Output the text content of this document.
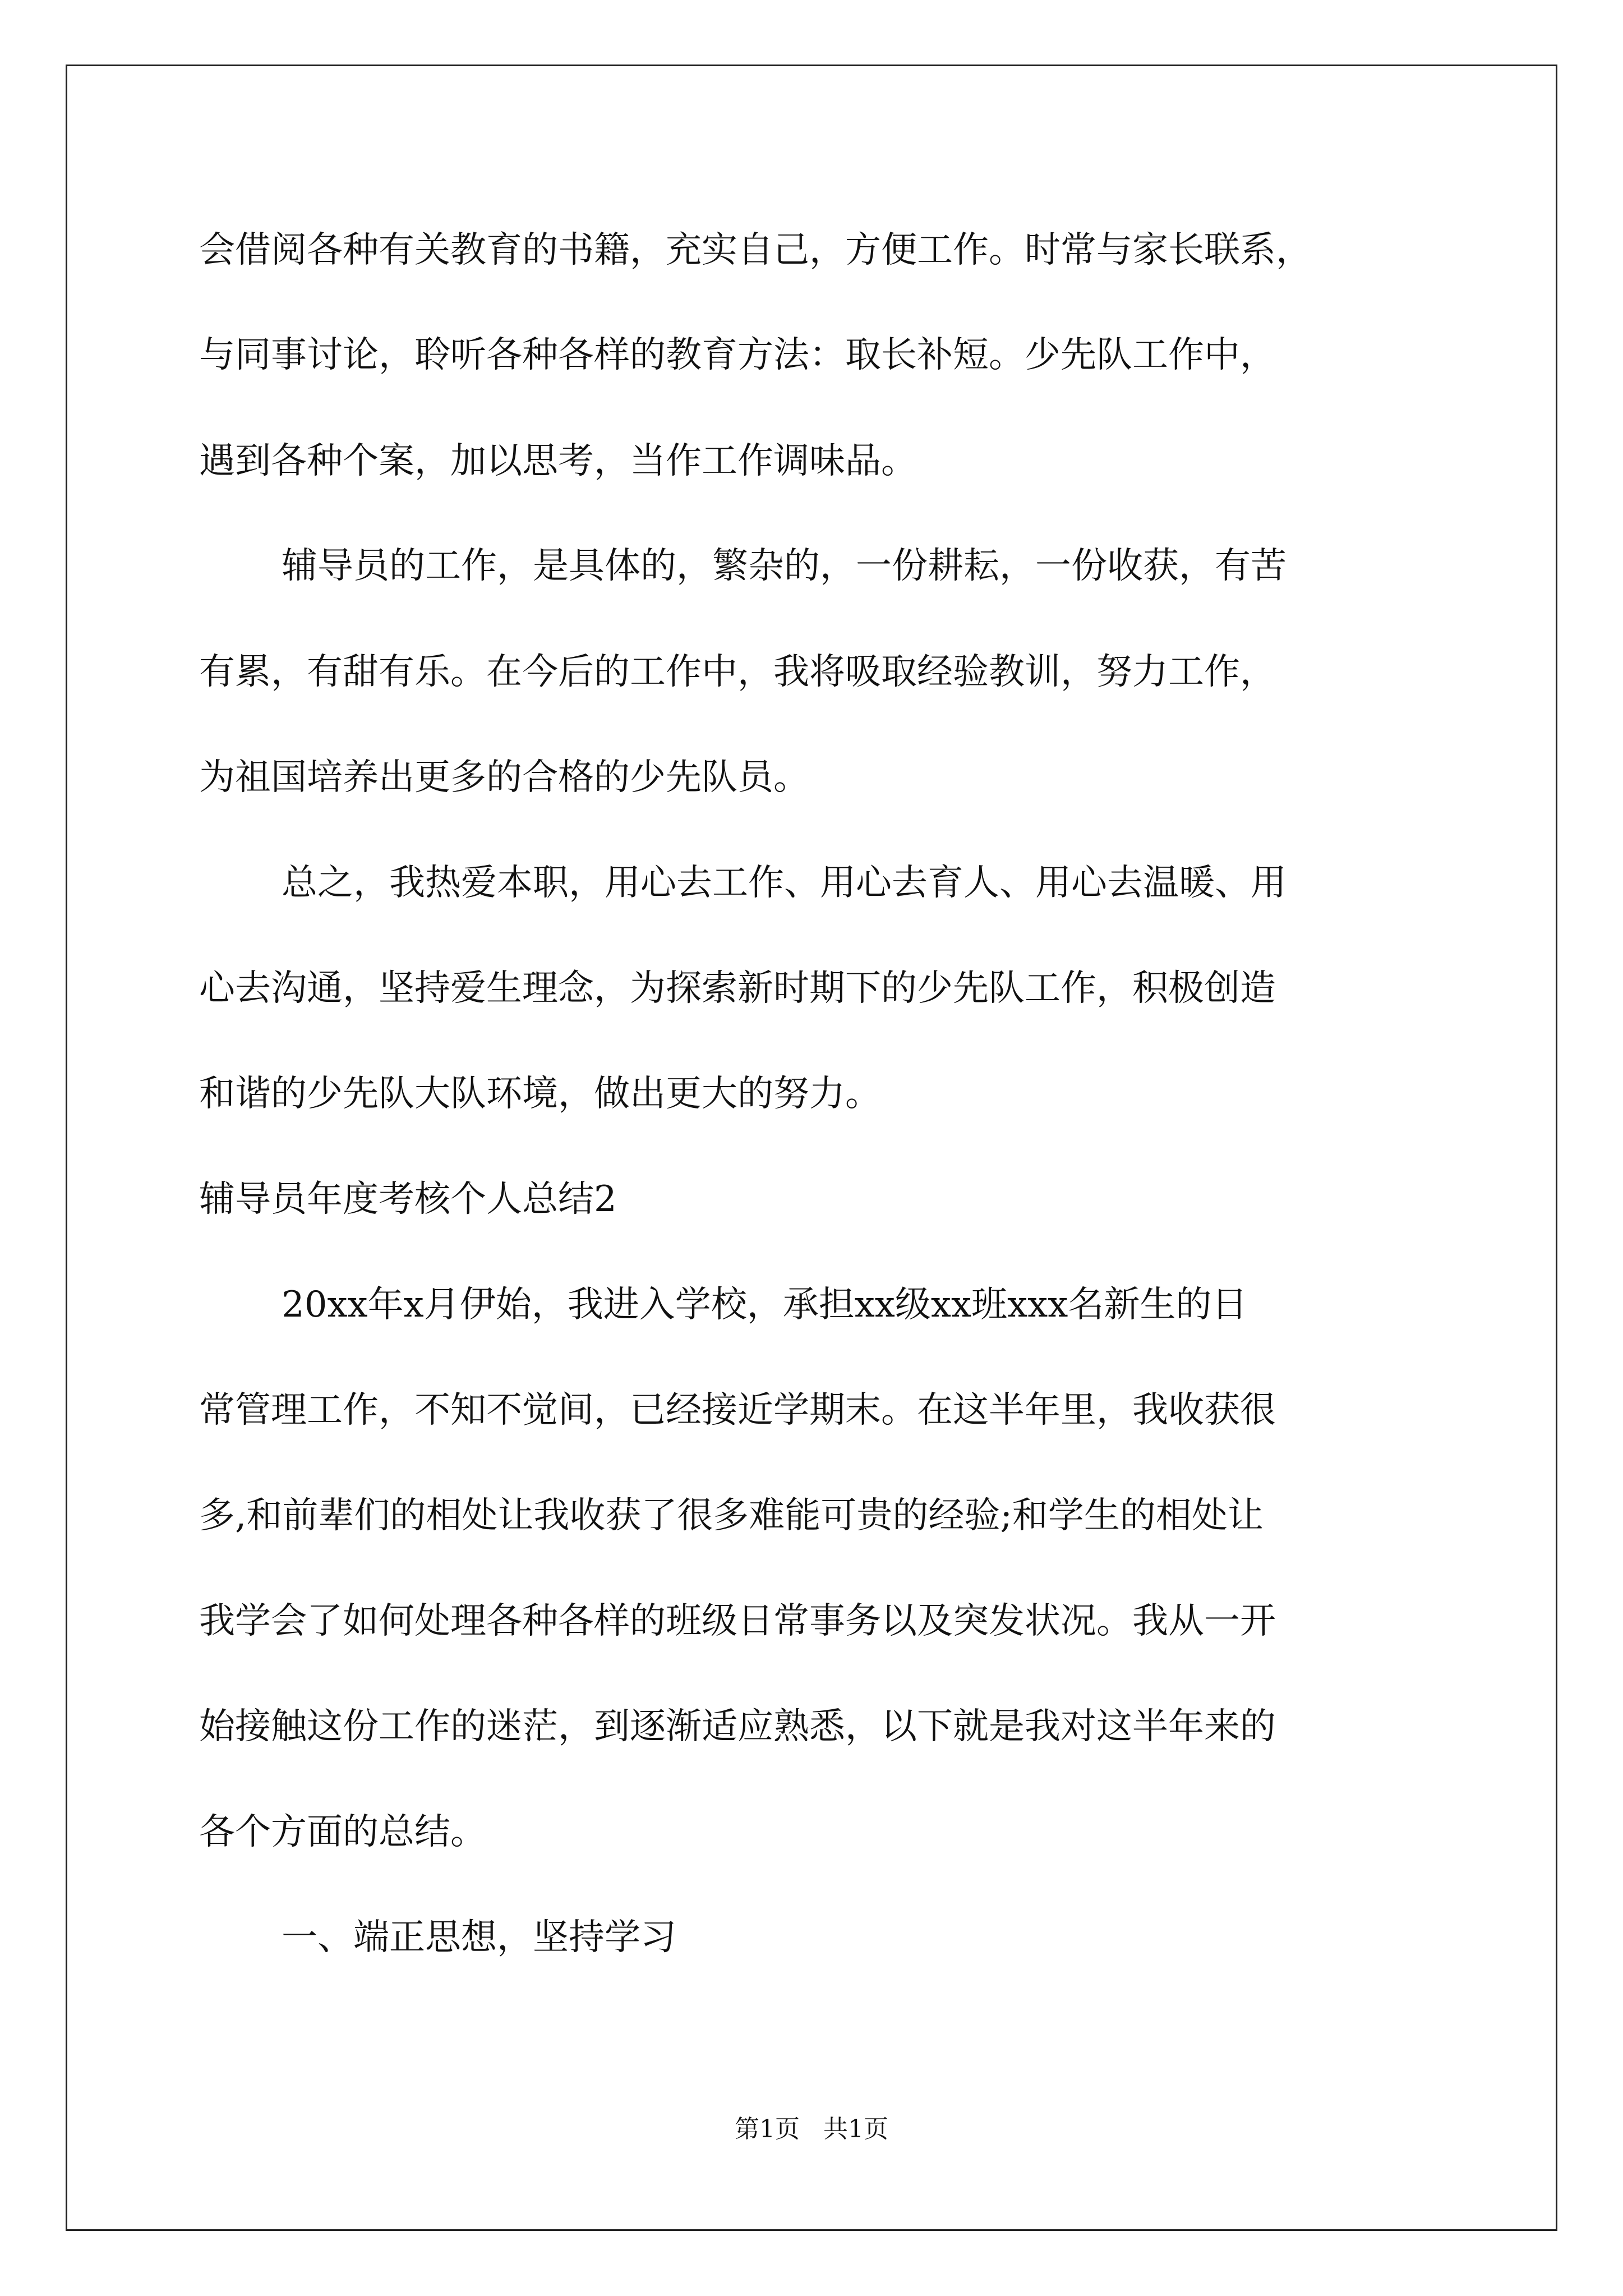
会借阅各种有关教育的书籍，充实自己，方便工作。时常与家长联系，
与同事讨论，聆听各种各样的教育方法：取长补短。少先队工作中，
遇到各种个案，加以思考，当作工作调味品。
辅导员的工作，是具体的，繁杂的，一份耕耘，一份收获，有苦
有累，有甜有乐。在今后的工作中，我将吸取经验教训，努力工作，
为祖国培养出更多的合格的少先队员。
总之，我热爱本职，用心去工作、用心去育人、用心去温暖、用
心去沟通，坚持爱生理念，为探索新时期下的少先队工作，积极创造
和谐的少先队大队环境，做出更大的努力。
辅导员年度考核个人总结2
20xx年x月伊始，我进入学校，承担xx级xx班xxx名新生的日
常管理工作，不知不觉间，已经接近学期末。在这半年里，我收获很
多,和前辈们的相处让我收获了很多难能可贵的经验;和学生的相处让
我学会了如何处理各种各样的班级日常事务以及突发状况。我从一开
始接触这份工作的迷茫，到逐渐适应熟悉，以下就是我对这半年来的
各个方面的总结。
一、端正思想，坚持学习
第1页 共1页
